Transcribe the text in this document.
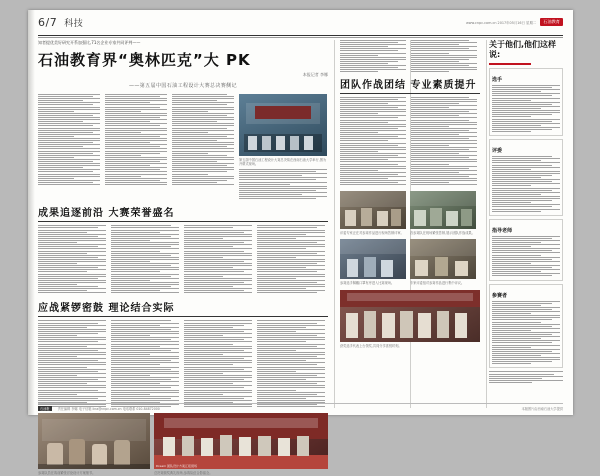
6/7 科技	www.cnpc.com.cn 2017年05月16日 星期二	石油教育
知者提优美好研究开系加强比,71名企业专家共同评判——
石油教育界“奥林匹克”大 PK
本报记者 李娜
——第五届中国石油工程设计大赛总决赛侧记
第五届中国石油工程设计大赛总决赛在西南石油大学举行,图为开幕式现场。
成果追逐前沿 大赛荣誉盛名
应战紧锣密鼓 理论结合实际
参赛队员在赛前紧张讨论设计方案细节。
Dream 团队设计方案汇报现场
总决赛颁奖典礼现场,参赛队伍合影留念。
团队作战团结 专业素质提升
评委专家正在对参赛作品进行现场答辩评审。	各参赛队在现场紧张答辩,展示团队作战成果。
参赛选手佩戴口罩有序进入比赛现场。	专家评委组对参赛作品进行集中评议。
获奖选手代表上台领奖,共同分享喜悦时刻。
关于他们,他们这样说:
选手
评委
指导老师
参赛者
石油报	责任编辑 李娜 电子信箱 lina@cnpc.com.cn 电话联系 010-84872000	本版图片由西南石油大学提供
